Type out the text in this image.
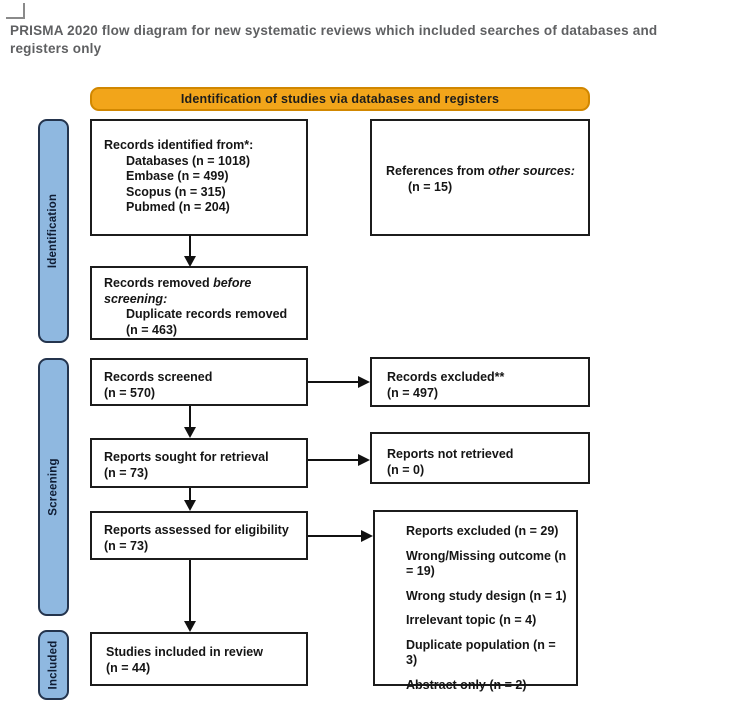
PRISMA 2020 flow diagram for new systematic reviews which included searches of databases and registers only
Identification of studies via databases and registers
Identification
Screening
Included
Records identified from*:
Databases (n = 1018)
Embase (n = 499)
Scopus (n = 315)
Pubmed (n = 204)
Records removed before screening:
Duplicate records removed
(n = 463)
Records screened
(n = 570)
Reports sought for retrieval
(n = 73)
Reports assessed for eligibility
(n = 73)
Studies included in review
(n = 44)
References from other sources:
(n = 15)
Records excluded**
(n = 497)
Reports not retrieved
(n = 0)

Reports excluded (n = 29)

Wrong/Missing outcome (n = 19)

Wrong study design (n = 1)

Irrelevant topic (n = 4)

Duplicate population (n = 3)

Abstract only (n = 2)
